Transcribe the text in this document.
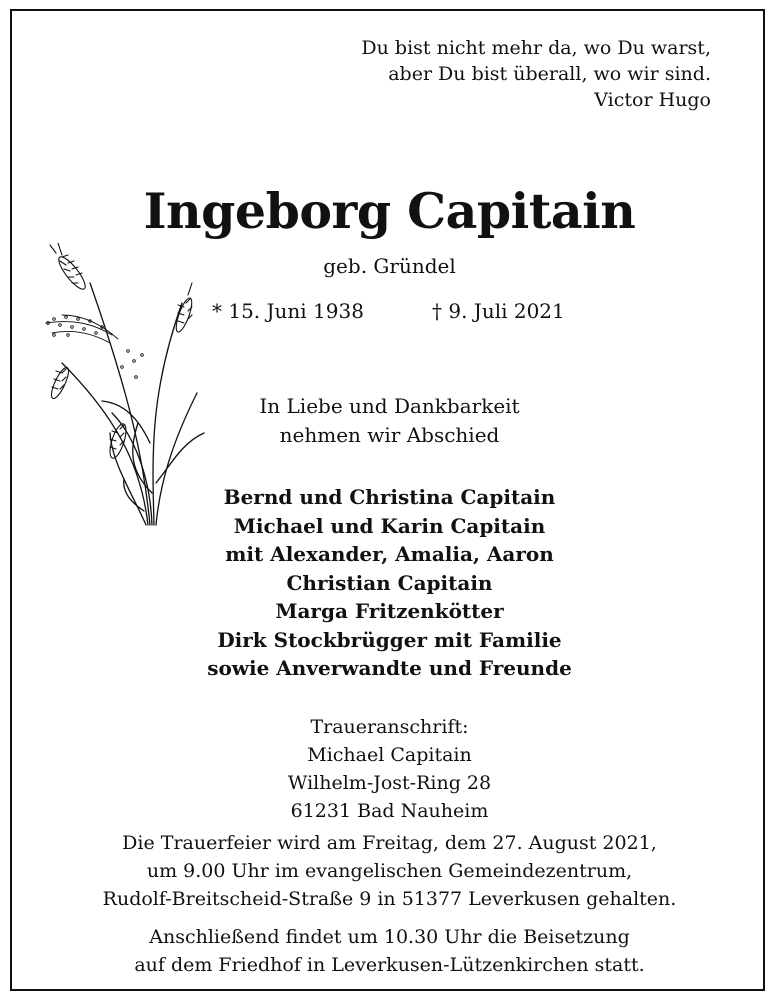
Du bist nicht mehr da, wo Du warst,
aber Du bist überall, wo wir sind.
Victor Hugo
Ingeborg Capitain
geb. Gründel
* 15. Juni 1938	† 9. Juli 2021
In Liebe und Dankbarkeit
nehmen wir Abschied
Bernd und Christina Capitain
Michael und Karin Capitain
mit Alexander, Amalia, Aaron
Christian Capitain
Marga Fritzenkötter
Dirk Stockbrügger mit Familie
sowie Anverwandte und Freunde
Traueranschrift:
Michael Capitain
Wilhelm-Jost-Ring 28
61231 Bad Nauheim
Die Trauerfeier wird am Freitag, dem 27. August 2021,
um 9.00 Uhr im evangelischen Gemeindezentrum,
Rudolf-Breitscheid-Straße 9 in 51377 Leverkusen gehalten.
Anschließend findet um 10.30 Uhr die Beisetzung
auf dem Friedhof in Leverkusen-Lützenkirchen statt.
